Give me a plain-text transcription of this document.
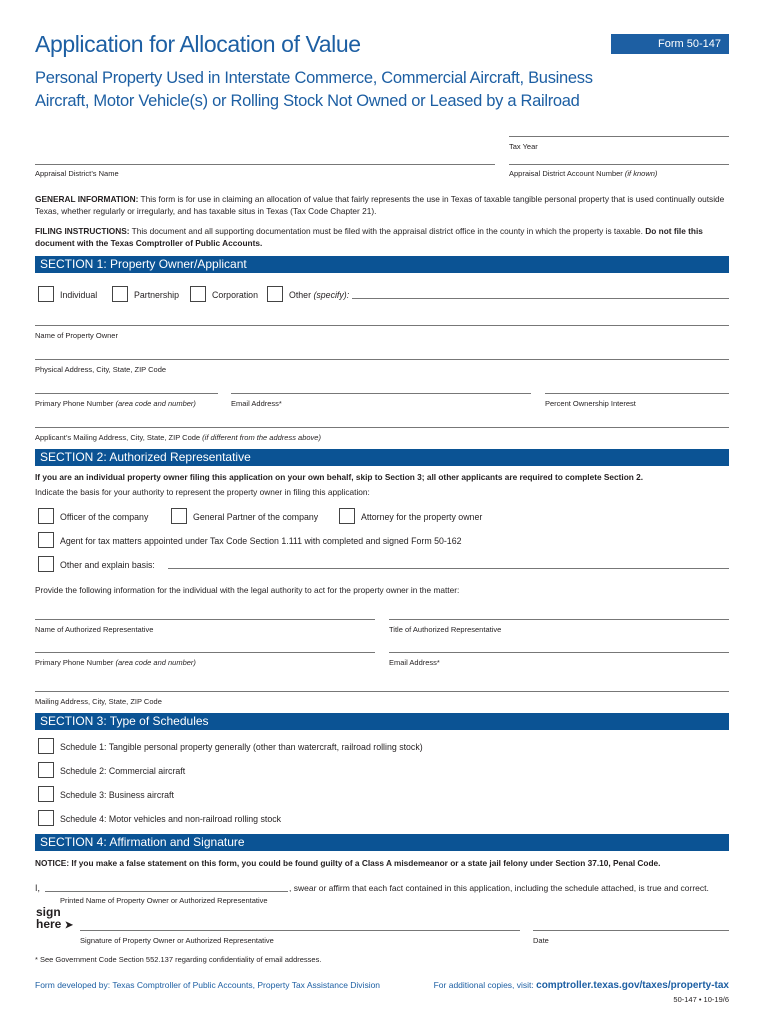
Application for Allocation of Value	Form 50-147
Personal Property Used in Interstate Commerce, Commercial Aircraft, Business
Aircraft, Motor Vehicle(s) or Rolling Stock Not Owned or Leased by a Railroad
Tax Year
Appraisal District’s Name	Appraisal District Account Number (if known)
GENERAL INFORMATION: This form is for use in claiming an allocation of value that fairly represents the use in Texas of taxable tangible personal property that is used continually outside Texas, whether regularly or irregularly, and has taxable situs in Texas (Tax Code Chapter 21).
FILING INSTRUCTIONS: This document and all supporting documentation must be filed with the appraisal district office in the county in which the property is taxable. Do not file this document with the Texas Comptroller of Public Accounts.
SECTION 1: Property Owner/Applicant
Individual	Partnership	Corporation	Other (specify):
Name of Property Owner
Physical Address, City, State, ZIP Code
Primary Phone Number (area code and number)	Email Address*	Percent Ownership Interest
Applicant’s Mailing Address, City, State, ZIP Code (if different from the address above)
SECTION 2: Authorized Representative
If you are an individual property owner filing this application on your own behalf, skip to Section 3; all other applicants are required to complete Section 2.
Indicate the basis for your authority to represent the property owner in filing this application:
Officer of the company	General Partner of the company	Attorney for the property owner
Agent for tax matters appointed under Tax Code Section 1.111 with completed and signed Form 50-162
Other and explain basis:
Provide the following information for the individual with the legal authority to act for the property owner in the matter:
Name of Authorized Representative	Title of Authorized Representative
Primary Phone Number (area code and number)	Email Address*
Mailing Address, City, State, ZIP Code
SECTION 3: Type of Schedules
Schedule 1: Tangible personal property generally (other than watercraft, railroad rolling stock)
Schedule 2: Commercial aircraft
Schedule 3: Business aircraft
Schedule 4: Motor vehicles and non-railroad rolling stock
SECTION 4: Affirmation and Signature
NOTICE: If you make a false statement on this form, you could be found guilty of a Class A misdemeanor or a state jail felony under Section 37.10, Penal Code.
I,	, swear or affirm that each fact contained in this application, including the schedule attached, is true and correct.
Printed Name of Property Owner or Authorized Representative
sign
here ➤
Signature of Property Owner or Authorized Representative	Date
* See Government Code Section 552.137 regarding confidentiality of email addresses.
Form developed by: Texas Comptroller of Public Accounts, Property Tax Assistance Division	For additional copies, visit: comptroller.texas.gov/taxes/property-tax
50-147 • 10-19/6
